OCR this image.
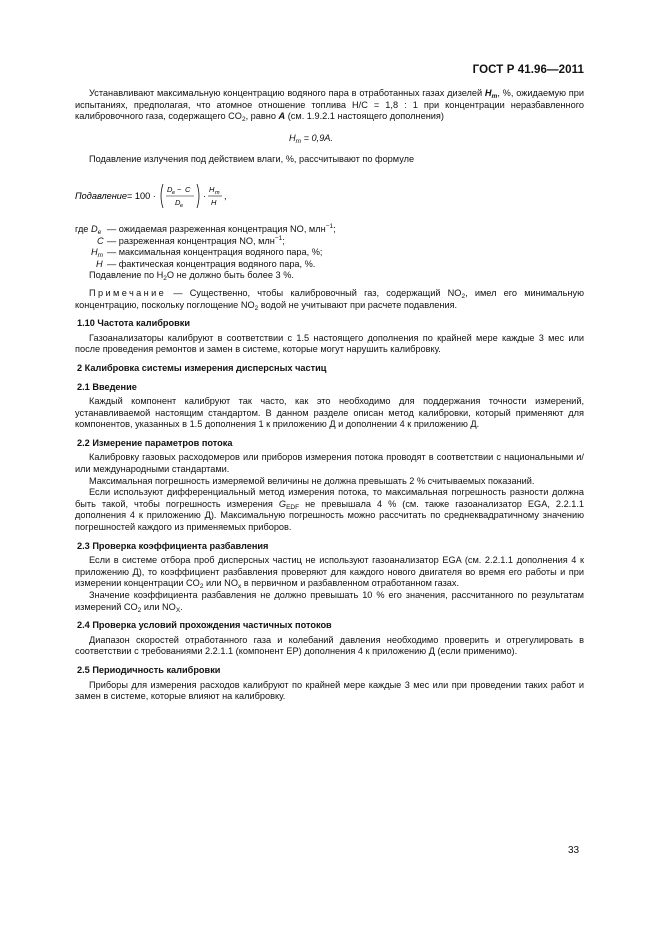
ГОСТ Р 41.96—2011

Устанавливают максимальную концентрацию водяного пара в отработанных газах дизелей $H_m$, %, ожидаемую при испытаниях, предполагая, что атомное отношение топлива H/C = 1,8 : 1 при концентрации неразбавленного калибровочного газа, содержащего $CO_2$, равно A (см. 1.9.2.1 настоящего дополнения)

$H_m = 0,9A$.

Подавление излучения под действием влаги, %, рассчитывают по формуле

Подавление = 100 ·
D e − C
D e
·
H m
H
,
где $D_e$ — ожидаемая разреженная концентрация NO, млн$^{-1}$;
C — разреженная концентрация NO, млн$^{-1}$;
$H_m$ — максимальная концентрация водяного пара, %;
H — фактическая концентрация водяного пара, %.

Подавление по $H_2O$ не должно быть более 3 %.

Примечание — Существенно, чтобы калибровочный газ, содержащий $NO_2$, имел его минимальную концентрацию, поскольку поглощение $NO_2$ водой не учитывают при расчете подавления.

1.10 Частота калибровки

Газоанализаторы калибруют в соответствии с 1.5 настоящего дополнения по крайней мере каждые 3 мес или после проведения ремонтов и замен в системе, которые могут нарушить калибровку.

2 Калибровка системы измерения дисперсных частиц

2.1 Введение

Каждый компонент калибруют так часто, как это необходимо для поддержания точности измерений, устанавливаемой настоящим стандартом. В данном разделе описан метод калибровки, который применяют для компонентов, указанных в 1.5 дополнения 1 к приложению Д и дополнении 4 к приложению Д.

2.2 Измерение параметров потока

Калибровку газовых расходомеров или приборов измерения потока проводят в соответствии с национальными и/или международными стандартами.

Максимальная погрешность измеряемой величины не должна превышать 2 % считываемых показаний.

Если используют дифференциальный метод измерения потока, то максимальная погрешность разности должна быть такой, чтобы погрешность измерения $G_{EDF}$ не превышала 4 % (см. также газоанализатор EGA, 2.2.1.1 дополнения 4 к приложению Д). Максимальную погрешность можно рассчитать по среднеквадратичному значению погрешностей каждого из применяемых приборов.

2.3 Проверка коэффициента разбавления

Если в системе отбора проб дисперсных частиц не используют газоанализатор EGA (см. 2.2.1.1 дополнения 4 к приложению Д), то коэффициент разбавления проверяют для каждого нового двигателя во время его работы и при измерении концентрации $CO_2$ или $NO_x$ в первичном и разбавленном отработанном газах.

Значение коэффициента разбавления не должно превышать 10 % его значения, рассчитанного по результатам измерений $CO_2$ или $NO_X$.

2.4 Проверка условий прохождения частичных потоков

Диапазон скоростей отработанного газа и колебаний давления необходимо проверить и отрегулировать в соответствии с требованиями 2.2.1.1 (компонент EP) дополнения 4 к приложению Д (если применимо).

2.5 Периодичность калибровки

Приборы для измерения расходов калибруют по крайней мере каждые 3 мес или при проведении таких работ и замен в системе, которые влияют на калибровку.

33
